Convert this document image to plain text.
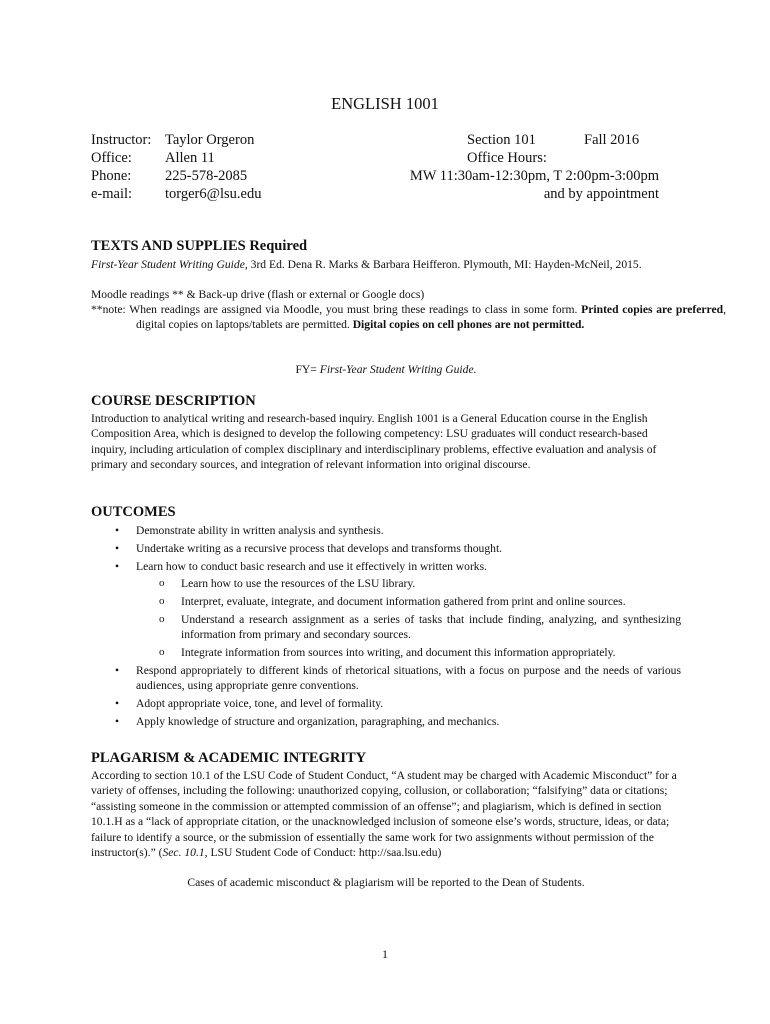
ENGLISH 1001
Instructor: Taylor Orgeron	Section 101	Fall 2016
Office: Allen 11	Office Hours:
Phone: 225-578-2085	MW 11:30am-12:30pm, T 2:00pm-3:00pm
e-mail: torger6@lsu.edu	and by appointment
TEXTS AND SUPPLIES Required
First-Year Student Writing Guide, 3rd Ed. Dena R. Marks & Barbara Heifferon. Plymouth, MI: Hayden-McNeil, 2015.
Moodle readings ** & Back-up drive (flash or external or Google docs)
**note: When readings are assigned via Moodle, you must bring these readings to class in some form. Printed copies are preferred, digital copies on laptops/tablets are permitted. Digital copies on cell phones are not permitted.
FY= First-Year Student Writing Guide.
COURSE DESCRIPTION
Introduction to analytical writing and research-based inquiry. English 1001 is a General Education course in the English Composition Area, which is designed to develop the following competency: LSU graduates will conduct research-based inquiry, including articulation of complex disciplinary and interdisciplinary problems, effective evaluation and analysis of primary and secondary sources, and integration of relevant information into original discourse.
OUTCOMES
• Demonstrate ability in written analysis and synthesis.
• Undertake writing as a recursive process that develops and transforms thought.
• Learn how to conduct basic research and use it effectively in written works.
o Learn how to use the resources of the LSU library.
o Interpret, evaluate, integrate, and document information gathered from print and online sources.
o Understand a research assignment as a series of tasks that include finding, analyzing, and synthesizing information from primary and secondary sources.
o Integrate information from sources into writing, and document this information appropriately.
• Respond appropriately to different kinds of rhetorical situations, with a focus on purpose and the needs of various audiences, using appropriate genre conventions.
• Adopt appropriate voice, tone, and level of formality.
• Apply knowledge of structure and organization, paragraphing, and mechanics.
PLAGARISM & ACADEMIC INTEGRITY
According to section 10.1 of the LSU Code of Student Conduct, “A student may be charged with Academic Misconduct” for a variety of offenses, including the following: unauthorized copying, collusion, or collaboration; “falsifying” data or citations; “assisting someone in the commission or attempted commission of an offense”; and plagiarism, which is defined in section 10.1.H as a “lack of appropriate citation, or the unacknowledged inclusion of someone else’s words, structure, ideas, or data; failure to identify a source, or the submission of essentially the same work for two assignments without permission of the instructor(s).” (Sec. 10.1, LSU Student Code of Conduct: http://saa.lsu.edu)
Cases of academic misconduct & plagiarism will be reported to the Dean of Students.
1
